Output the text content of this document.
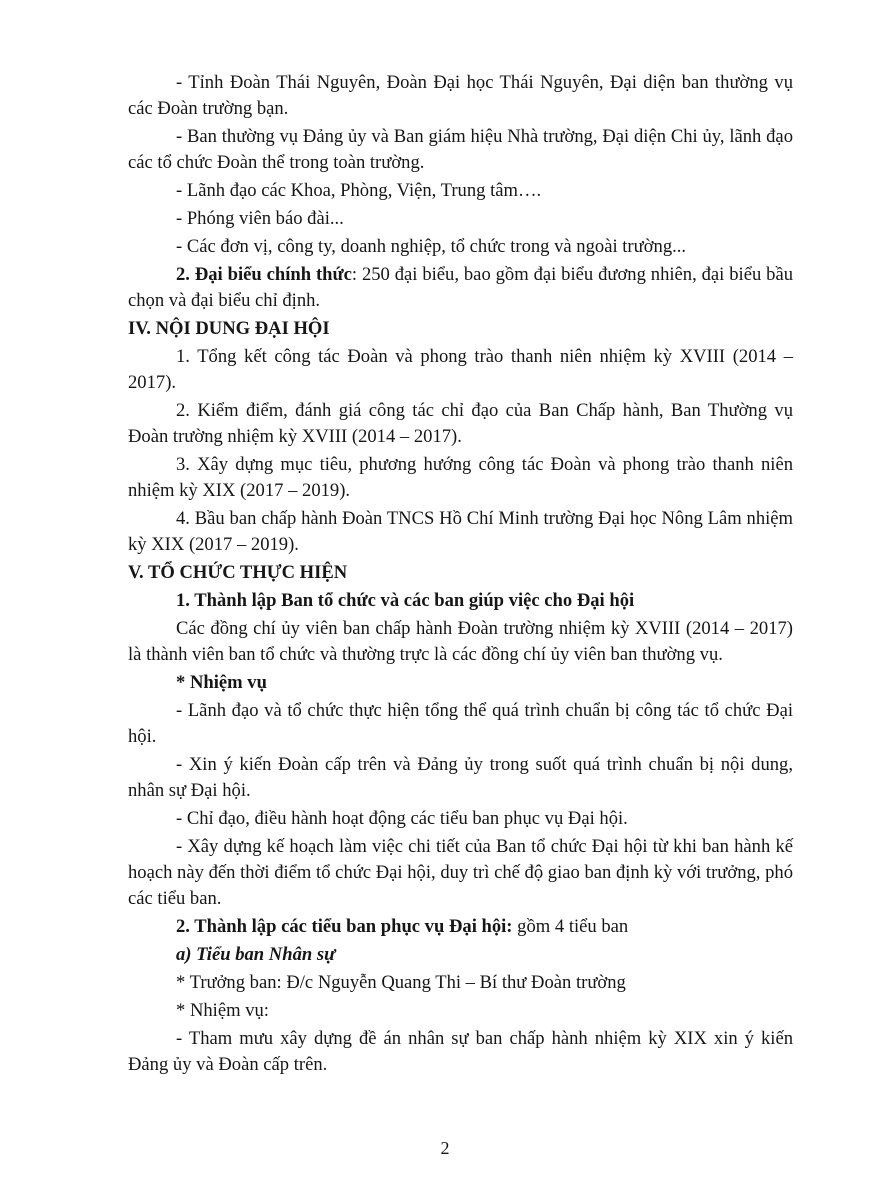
- Tỉnh Đoàn Thái Nguyên, Đoàn Đại học Thái Nguyên, Đại diện ban thường vụ các Đoàn trường bạn.

- Ban thường vụ Đảng ủy và Ban giám hiệu Nhà trường, Đại diện Chi ủy, lãnh đạo các tổ chức Đoàn thể trong toàn trường.

- Lãnh đạo các Khoa, Phòng, Viện, Trung tâm….

- Phóng viên báo đài...

- Các đơn vị, công ty, doanh nghiệp, tổ chức trong và ngoài trường...

2. Đại biểu chính thức: 250 đại biểu, bao gồm đại biểu đương nhiên, đại biểu bầu chọn và đại biểu chỉ định.

IV. NỘI DUNG ĐẠI HỘI

1. Tổng kết công tác Đoàn và phong trào thanh niên nhiệm kỳ XVIII (2014 – 2017).

2. Kiểm điểm, đánh giá công tác chỉ đạo của Ban Chấp hành, Ban Thường vụ Đoàn trường nhiệm kỳ XVIII (2014 – 2017).

3. Xây dựng mục tiêu, phương hướng công tác Đoàn và phong trào thanh niên nhiệm kỳ XIX (2017 – 2019).

4. Bầu ban chấp hành Đoàn TNCS Hồ Chí Minh trường Đại học Nông Lâm nhiệm kỳ XIX (2017 – 2019).

V. TỔ CHỨC THỰC HIỆN

1. Thành lập Ban tổ chức và các ban giúp việc cho Đại hội

Các đồng chí ủy viên ban chấp hành Đoàn trường nhiệm kỳ XVIII (2014 – 2017) là thành viên ban tổ chức và thường trực là các đồng chí ủy viên ban thường vụ.

* Nhiệm vụ

- Lãnh đạo và tổ chức thực hiện tổng thể quá trình chuẩn bị công tác tổ chức Đại hội.

- Xin ý kiến Đoàn cấp trên và Đảng ủy trong suốt quá trình chuẩn bị nội dung, nhân sự Đại hội.

- Chỉ đạo, điều hành hoạt động các tiểu ban phục vụ Đại hội.

- Xây dựng kế hoạch làm việc chi tiết của Ban tổ chức Đại hội từ khi ban hành kế hoạch này đến thời điểm tổ chức Đại hội, duy trì chế độ giao ban định kỳ với trưởng, phó các tiểu ban.

2. Thành lập các tiểu ban phục vụ Đại hội: gồm 4 tiểu ban

a) Tiểu ban Nhân sự

* Trưởng ban: Đ/c Nguyễn Quang Thi – Bí thư Đoàn trường

* Nhiệm vụ:

- Tham mưu xây dựng đề án nhân sự ban chấp hành nhiệm kỳ XIX xin ý kiến Đảng ủy và Đoàn cấp trên.

2
